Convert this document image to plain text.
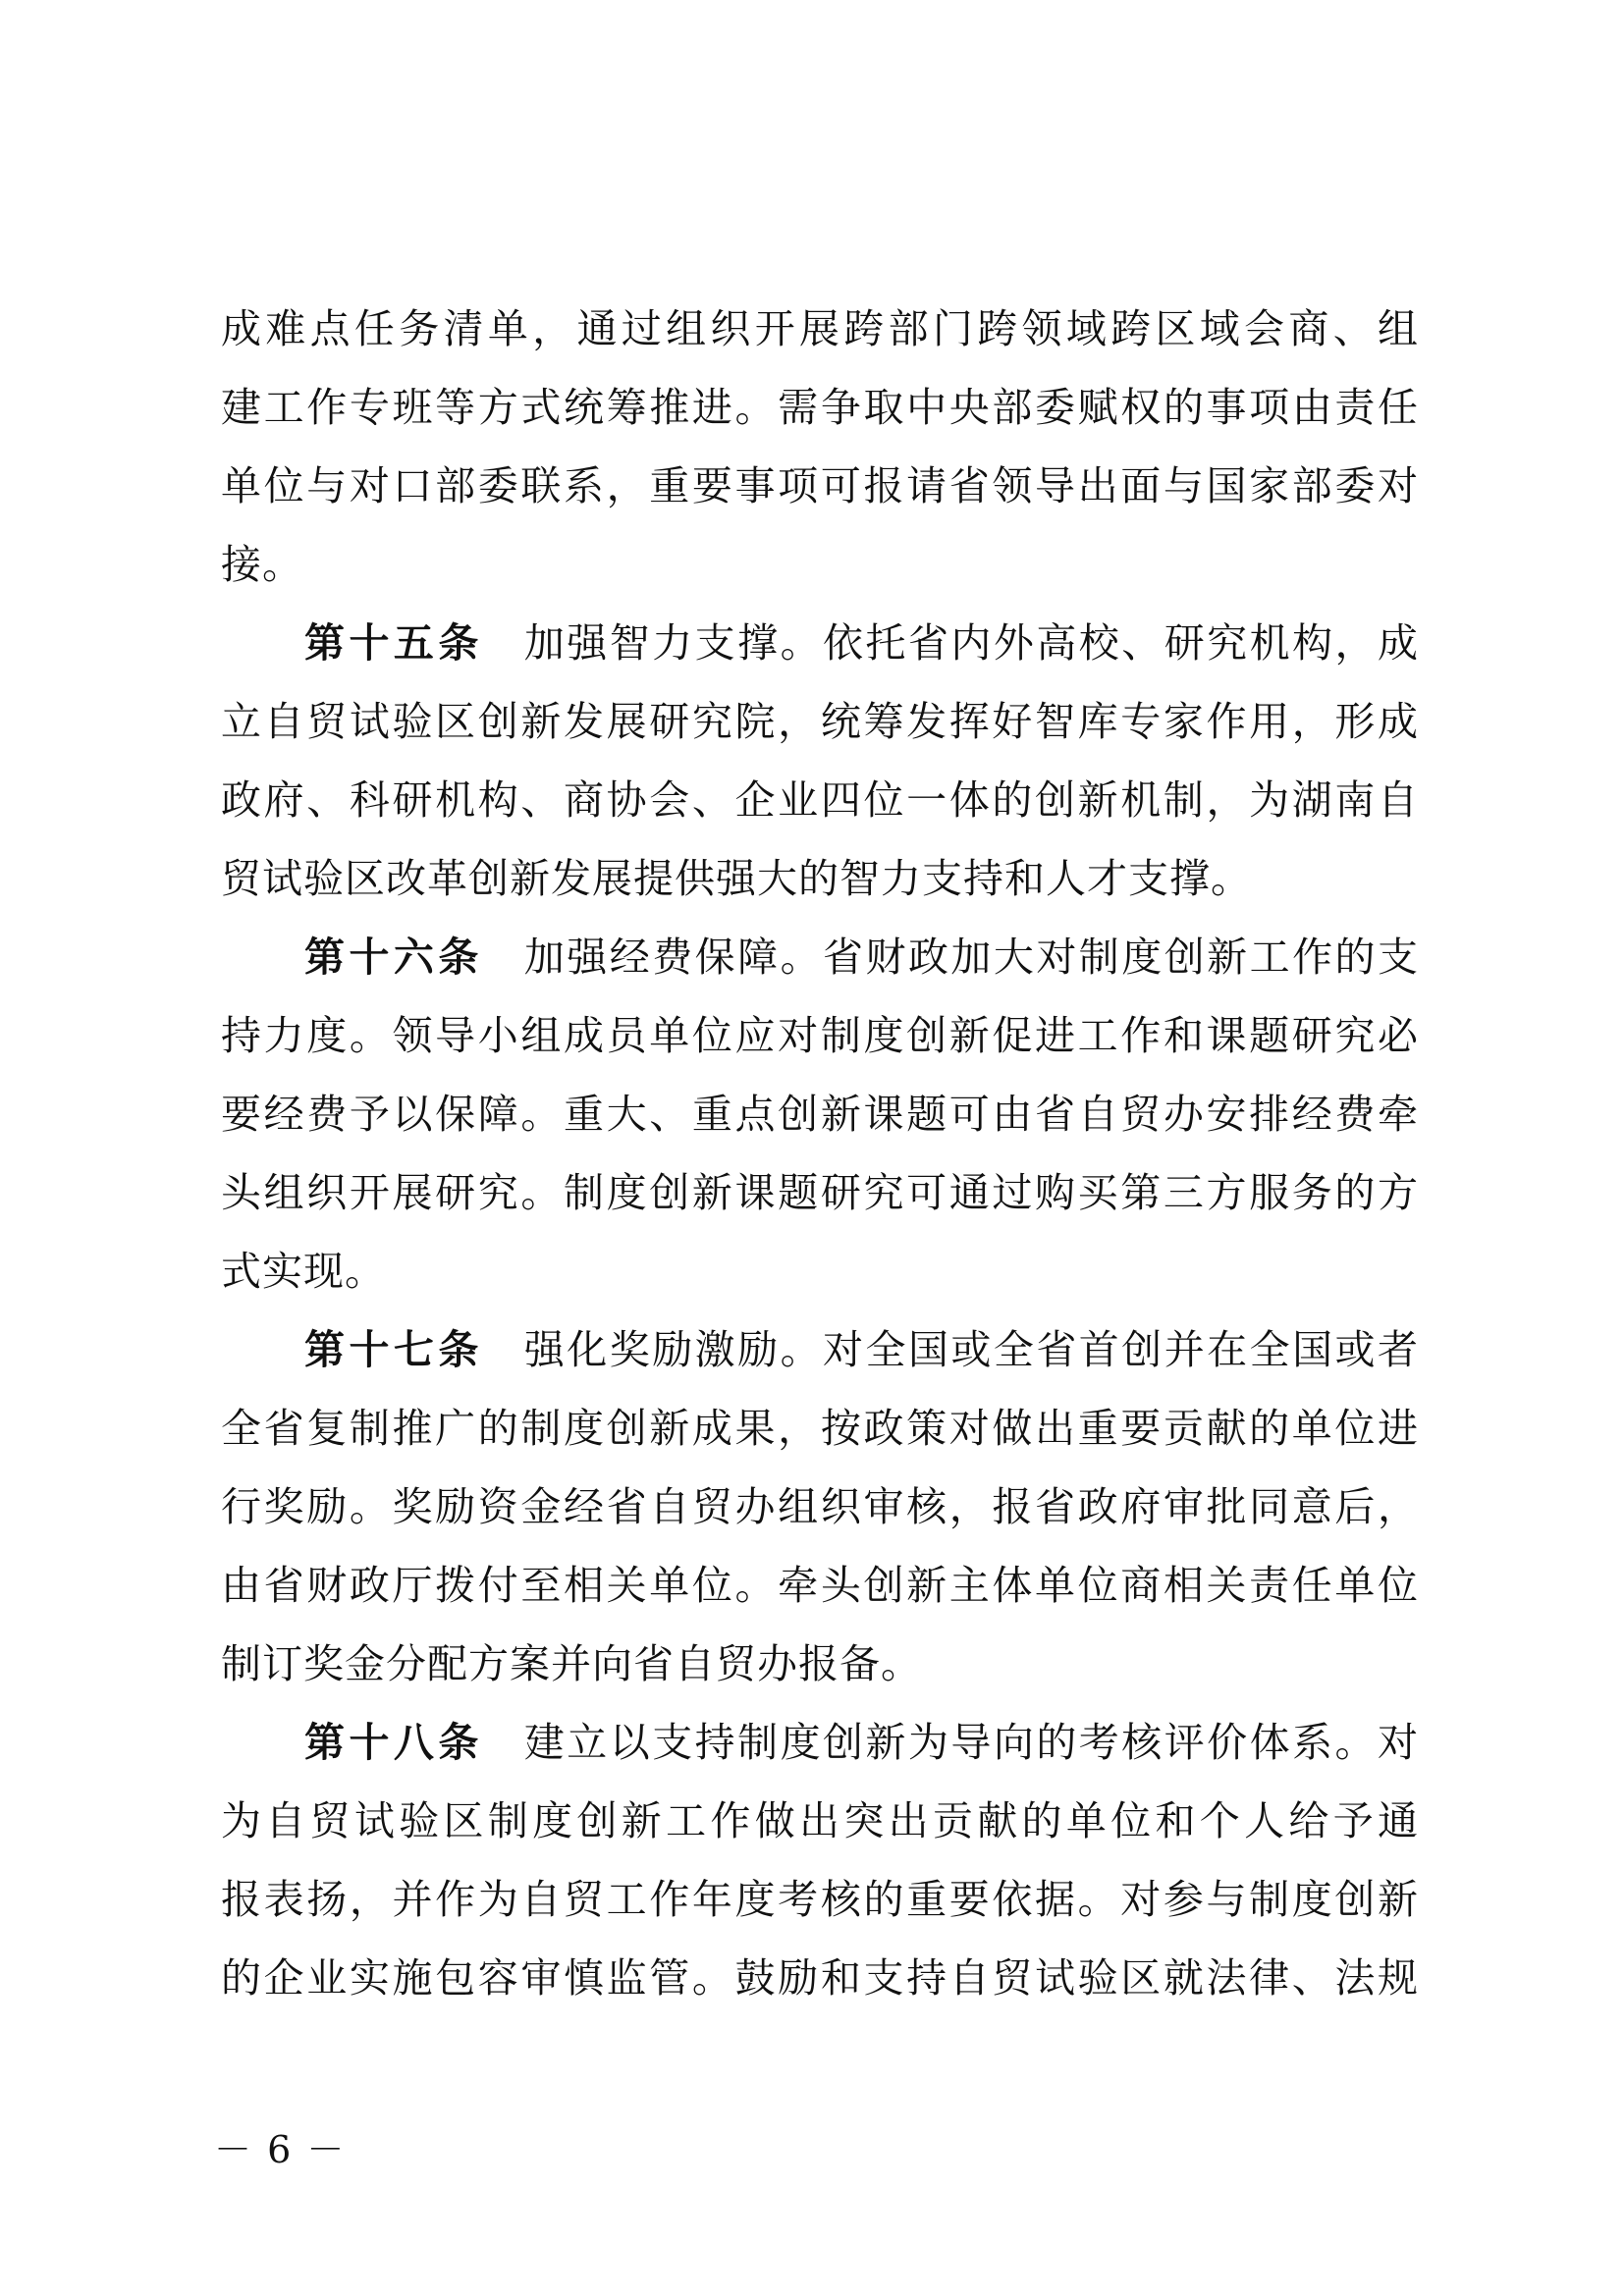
成难点任务清单，通过组织开展跨部门跨领域跨区域会商、组
建工作专班等方式统筹推进。需争取中央部委赋权的事项由责任
单位与对口部委联系，重要事项可报请省领导出面与国家部委对
接。
第十五条 加强智力支撑。依托省内外高校、研究机构，成
立自贸试验区创新发展研究院，统筹发挥好智库专家作用，形成
政府、科研机构、商协会、企业四位一体的创新机制，为湖南自
贸试验区改革创新发展提供强大的智力支持和人才支撑。
第十六条 加强经费保障。省财政加大对制度创新工作的支
持力度。领导小组成员单位应对制度创新促进工作和课题研究必
要经费予以保障。重大、重点创新课题可由省自贸办安排经费牵
头组织开展研究。制度创新课题研究可通过购买第三方服务的方
式实现。
第十七条 强化奖励激励。对全国或全省首创并在全国或者
全省复制推广的制度创新成果，按政策对做出重要贡献的单位进
行奖励。奖励资金经省自贸办组织审核，报省政府审批同意后，
由省财政厅拨付至相关单位。牵头创新主体单位商相关责任单位
制订奖金分配方案并向省自贸办报备。
第十八条 建立以支持制度创新为导向的考核评价体系。对
为自贸试验区制度创新工作做出突出贡献的单位和个人给予通
报表扬，并作为自贸工作年度考核的重要依据。对参与制度创新
的企业实施包容审慎监管。鼓励和支持自贸试验区就法律、法规
－ 6 －
